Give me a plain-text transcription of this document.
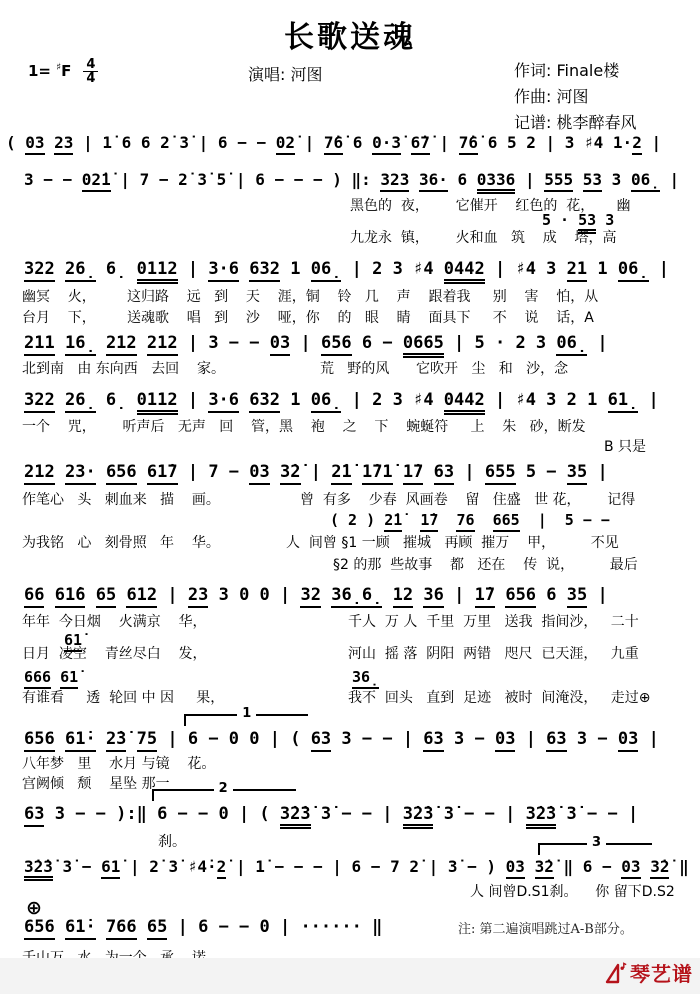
长歌送魂
$1= ^♯F \frac{4}{4}$	演唱: 河图	作词: Finale楼
作曲: 河图
记谱: 桃李醉春风
( 03 23 | 1̇ 6 6 2̇ 3̇ | 6 − − 02̇ | 7̇6̇ 6 0·3̇ 6̇7̇ | 7̇6̇ 6 5 2 | 3 ♯4 1·2 |
3 − − 02̇1̇ | 7 − 2̇ 3̇ 5̇ | 6 − − − ) ‖: 323 36· 6 0336 | 555 53 3 06̣ |
黑色的  夜，      它催开    红色的  花，     幽
5 · 53 3
九龙永  镇，      火和血   筑    成    塔，高
322 26̣ 6̣ 0112 | 3·6 632 1 06̣ | 2 3 ♯4 0442 | ♯4 3 21 1 06̣ |
幽冥    火，       这归路    远   到    天    涯，铜    铃   几    声    跟着我     别    害    怕，从
台月    下，       送魂歌    唱   到    沙    哑，你    的   眼    睛    面具下     不    说    话，A
211 16̣ 212 212 | 3 − − 03 | 656 6 − 0665 | 5 · 2 3 06̣ |
北到南   由 东向西   去回    家。	荒   野的风      它吹开   尘   和   沙，念
322 26̣ 6̣ 0112 | 3·6 632 1 06̣ | 2 3 ♯4 0442 | ♯4 3 2 1 61̣ |
一个    咒，      听声后   无声   回    管，黑    袍    之    下    蜿蜒符     上    朱   砂，断发
B 只是
212 23· 656 61̇7 | 7 − 03 3̇2̇ | 2̇1̇ 1̇71̇ 1̇7 63 | 655 5 − 35 |
作笔心   头   刺血来   描    画。	曾  有多    少春  风画卷    留   住盛   世 花，      记得
( 2 ) 2̇1̇ 1̇7 76 665  |  5 − −
为我铭   心   刻骨照   年    华。	人  间曾 §1 一顾   摧城   再顾  摧万    甲，        不见
§2 的那  些故事    都   还在    传  说，        最后
66 61̇6 65 612 | 23 3 0 0 | 32 36̣6̣ 12 36 | 1̇7 656 6 35 |
年年  今日烟    火满京    华，	千人  万 人  千里  万里   送我  指间沙，   二十
61̇
日月  凌空    青丝尽白    发，	河山  摇 落  阴阳  两错   咫尺  已天涯，   九重
666 61̇	36̣
有谁看     透  轮回 中 因     果，	我不  回头   直到  足迹   被时  间淹没，   走过⊕
1
656 61̇· 2̇3̇ 75 | 6 − 0 0 | ( 63 3 − − | 63 3 − 03 | 63 3 − 03 |
八年梦   里    水月 与镜    花。
宫阙倾   颓    星坠 那一	2
63 3 − − ):‖ 6 − − 0 | ( 3̇2̇3̇ 3̇ − − | 3̇2̇3̇ 3̇ − − | 3̇2̇3̇ 3̇ − − |
刹。	3
3̇2̇3̇ 3̇ − 61̇ | 2̇ 3̇ ♯4̇·2̇ | 1̇ − − − | 6 − 7 2̇ | 3̇ − ) 03 3̇2̇ ‖ 6 − 03 3̇2̇ ‖
人 间曾D.S1刹。    你 留下D.S2
⊕
656 61̇· 766 65 | 6 − − 0 | ······ ‖	注: 第二遍演唱跳过A-B部分。
琴艺谱
